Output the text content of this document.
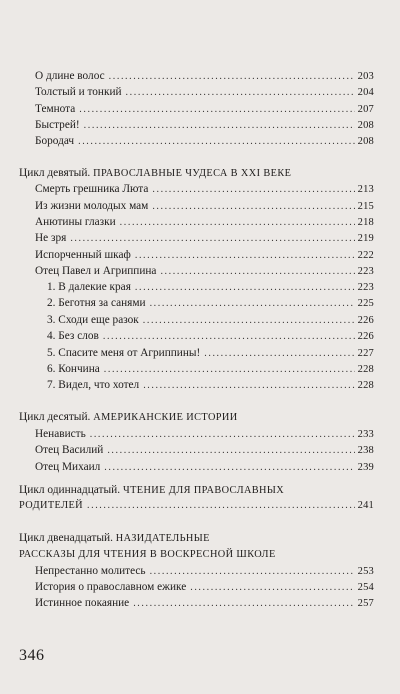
О длине волос .....	203
Толстый и тонкий .....	204
Темнота .....	207
Быстрей! .....	208
Бородач .....	208
Цикл девятый. ПРАВОСЛАВНЫЕ ЧУДЕСА В XXI ВЕКЕ
Смерть грешника Люта .....	213
Из жизни молодых мам .....	215
Анютины глазки .....	218
Не зря .....	219
Испорченный шкаф .....	222
Отец Павел и Агриппина .....	223
1. В далекие края .....	223
2. Беготня за санями .....	225
3. Сходи еще разок .....	226
4. Без слов .....	226
5. Спасите меня от Агриппины! .....	227
6. Кончина .....	228
7. Видел, что хотел .....	228
Цикл десятый. АМЕРИКАНСКИЕ ИСТОРИИ
Ненависть .....	233
Отец Василий .....	238
Отец Михаил .....	239
Цикл одиннадцатый. ЧТЕНИЕ ДЛЯ ПРАВОСЛАВНЫХ
РОДИТЕЛЕЙ .....	241
Цикл двенадцатый. НАЗИДАТЕЛЬНЫЕ
РАССКАЗЫ ДЛЯ ЧТЕНИЯ В ВОСКРЕСНОЙ ШКОЛЕ
Непрестанно молитесь .....	253
История о православном ежике .....	254
Истинное покаяние .....	257
346
